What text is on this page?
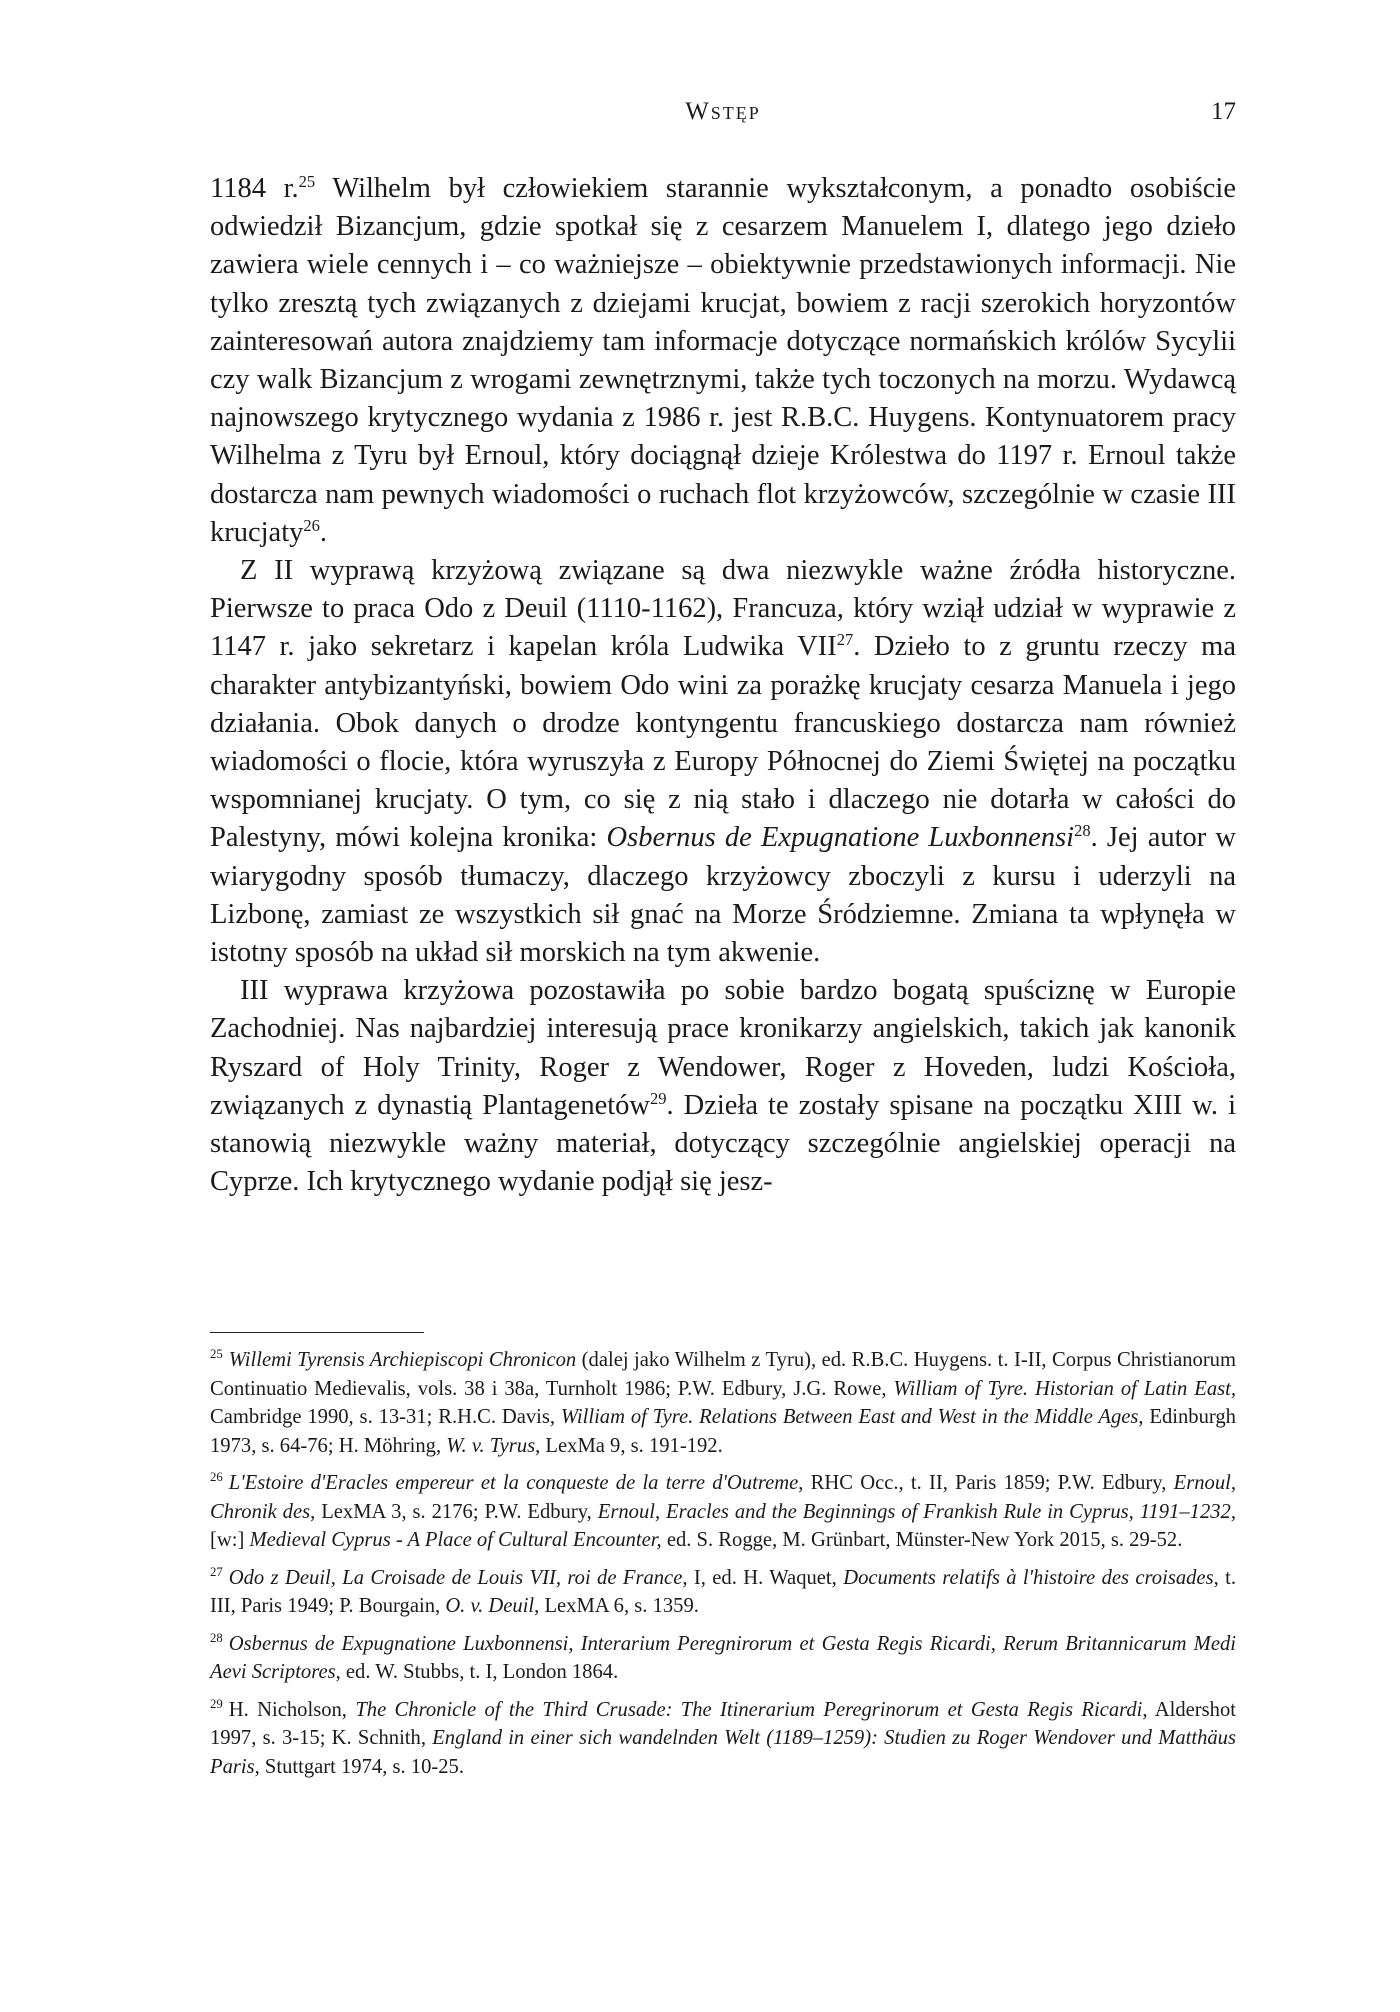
Wstęp	17

1184 r.$^{25}$ Wilhelm był człowiekiem starannie wykształconym, a ponadto osobiście odwiedził Bizancjum, gdzie spotkał się z cesarzem Manuelem I, dlatego jego dzieło zawiera wiele cennych i – co ważniejsze – obiektywnie przedstawionych informacji. Nie tylko zresztą tych związanych z dziejami krucjat, bowiem z racji szerokich horyzontów zainteresowań autora znajdziemy tam informacje dotyczące normańskich królów Sycylii czy walk Bizancjum z wrogami zewnętrznymi, także tych toczonych na morzu. Wydawcą najnowszego krytycznego wydania z 1986 r. jest R.B.C. Huygens. Kontynuatorem pracy Wilhelma z Tyru był Ernoul, który dociągnął dzieje Królestwa do 1197 r. Ernoul także dostarcza nam pewnych wiadomości o ruchach flot krzyżowców, szczególnie w czasie III krucjaty$^{26}$.

Z II wyprawą krzyżową związane są dwa niezwykle ważne źródła historyczne. Pierwsze to praca Odo z Deuil (1110-1162), Francuza, który wziął udział w wyprawie z 1147 r. jako sekretarz i kapelan króla Ludwika VII$^{27}$. Dzieło to z gruntu rzeczy ma charakter antybizantyński, bowiem Odo wini za porażkę krucjaty cesarza Manuela i jego działania. Obok danych o drodze kontyngentu francuskiego dostarcza nam również wiadomości o flocie, która wyruszyła z Europy Północnej do Ziemi Świętej na początku wspomnianej krucjaty. O tym, co się z nią stało i dlaczego nie dotarła w całości do Palestyny, mówi kolejna kronika: Osbernus de Expugnatione Luxbonnensi$^{28}$. Jej autor w wiarygodny sposób tłumaczy, dlaczego krzyżowcy zboczyli z kursu i uderzyli na Lizbonę, zamiast ze wszystkich sił gnać na Morze Śródziemne. Zmiana ta wpłynęła w istotny sposób na układ sił morskich na tym akwenie.

III wyprawa krzyżowa pozostawiła po sobie bardzo bogatą spuściznę w Europie Zachodniej. Nas najbardziej interesują prace kronikarzy angielskich, takich jak kanonik Ryszard of Holy Trinity, Roger z Wendower, Roger z Hoveden, ludzi Kościoła, związanych z dynastią Plantagenetów$^{29}$. Dzieła te zostały spisane na początku XIII w. i stanowią niezwykle ważny materiał, dotyczący szczególnie angielskiej operacji na Cyprze. Ich krytycznego wydanie podjął się jesz-

$^{25}$ Willemi Tyrensis Archiepiscopi Chronicon (dalej jako Wilhelm z Tyru), ed. R.B.C. Huygens. t. I-II, Corpus Christianorum Continuatio Medievalis, vols. 38 i 38a, Turnholt 1986; P.W. Edbury, J.G. Rowe, William of Tyre. Historian of Latin East, Cambridge 1990, s. 13-31; R.H.C. Davis, William of Tyre. Relations Between East and West in the Middle Ages, Edinburgh 1973, s. 64-76; H. Möhring, W. v. Tyrus, LexMa 9, s. 191-192.
$^{26}$ L'Estoire d'Eracles empereur et la conqueste de la terre d'Outreme, RHC Occ., t. II, Paris 1859; P.W. Edbury, Ernoul, Chronik des, LexMA 3, s. 2176; P.W. Edbury, Ernoul, Eracles and the Beginnings of Frankish Rule in Cyprus, 1191–1232, [w:] Medieval Cyprus - A Place of Cultural Encounter, ed. S. Rogge, M. Grünbart, Münster-New York 2015, s. 29-52.
$^{27}$ Odo z Deuil, La Croisade de Louis VII, roi de France, I, ed. H. Waquet, Documents relatifs à l'histoire des croisades, t. III, Paris 1949; P. Bourgain, O. v. Deuil, LexMA 6, s. 1359.
$^{28}$ Osbernus de Expugnatione Luxbonnensi, Interarium Peregnirorum et Gesta Regis Ricardi, Rerum Britannicarum Medi Aevi Scriptores, ed. W. Stubbs, t. I, London 1864.
$^{29}$ H. Nicholson, The Chronicle of the Third Crusade: The Itinerarium Peregrinorum et Gesta Regis Ricardi, Aldershot 1997, s. 3-15; K. Schnith, England in einer sich wandelnden Welt (1189–1259): Studien zu Roger Wendover und Matthäus Paris, Stuttgart 1974, s. 10-25.
